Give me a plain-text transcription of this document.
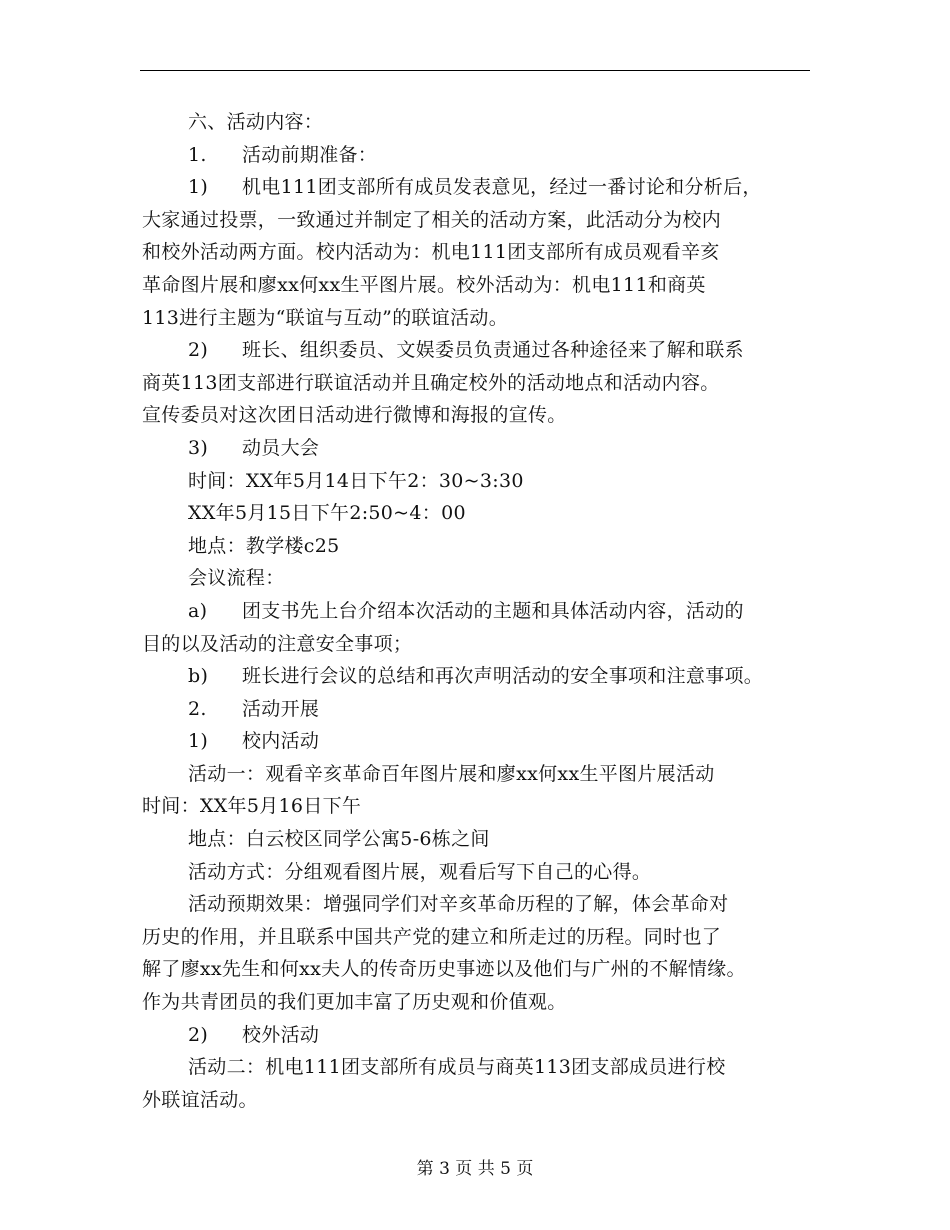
六、活动内容：
1. 活动前期准备：
1) 机电111团支部所有成员发表意见，经过一番讨论和分析后，
大家通过投票，一致通过并制定了相关的活动方案，此活动分为校内
和校外活动两方面。校内活动为：机电111团支部所有成员观看辛亥
革命图片展和廖xx何xx生平图片展。校外活动为：机电111和商英
113进行主题为“联谊与互动”的联谊活动。
2) 班长、组织委员、文娱委员负责通过各种途径来了解和联系
商英113团支部进行联谊活动并且确定校外的活动地点和活动内容。
宣传委员对这次团日活动进行微博和海报的宣传。
3) 动员大会
时间：XX年5月14日下午2：30~3:30
XX年5月15日下午2:50~4：00
地点：教学楼c25
会议流程：
a) 团支书先上台介绍本次活动的主题和具体活动内容，活动的
目的以及活动的注意安全事项；
b) 班长进行会议的总结和再次声明活动的安全事项和注意事项。
2. 活动开展
1) 校内活动
活动一：观看辛亥革命百年图片展和廖xx何xx生平图片展活动
时间：XX年5月16日下午
地点：白云校区同学公寓5-6栋之间
活动方式：分组观看图片展，观看后写下自己的心得。
活动预期效果：增强同学们对辛亥革命历程的了解，体会革命对
历史的作用，并且联系中国共产党的建立和所走过的历程。同时也了
解了廖xx先生和何xx夫人的传奇历史事迹以及他们与广州的不解情缘。
作为共青团员的我们更加丰富了历史观和价值观。
2) 校外活动
活动二：机电111团支部所有成员与商英113团支部成员进行校
外联谊活动。
第 3 页 共 5 页
